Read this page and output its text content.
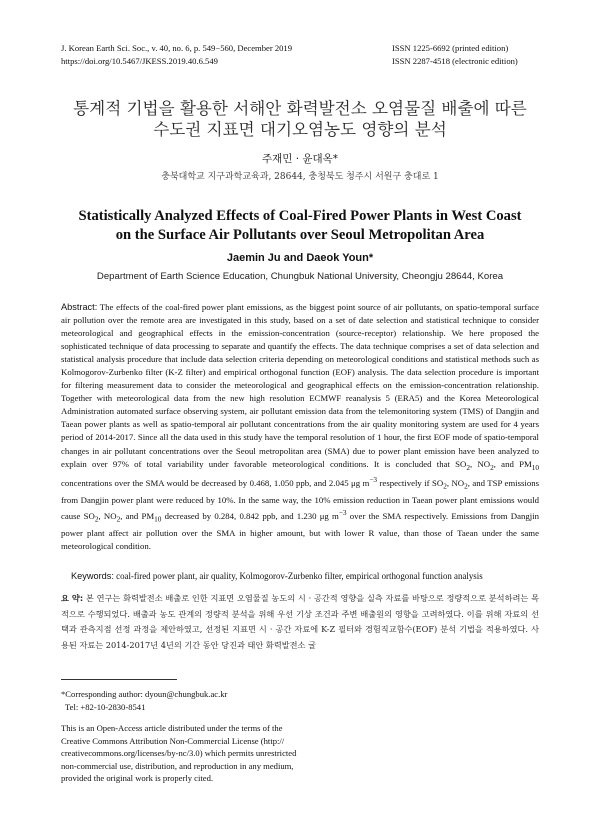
J. Korean Earth Sci. Soc., v. 40, no. 6, p. 549−560, December 2019
https://doi.org/10.5467/JKESS.2019.40.6.549
ISSN 1225-6692 (printed edition)
ISSN 2287-4518 (electronic edition)
통계적 기법을 활용한 서해안 화력발전소 오염물질 배출에 따른
수도권 지표면 대기오염농도 영향의 분석
주재민 · 윤대옥*
충북대학교 지구과학교육과, 28644, 충청북도 청주시 서원구 충대로 1
Statistically Analyzed Effects of Coal-Fired Power Plants in West Coast
on the Surface Air Pollutants over Seoul Metropolitan Area
Jaemin Ju and Daeok Youn*
Department of Earth Science Education, Chungbuk National University, Cheongju 28644, Korea
Abstract: The effects of the coal-fired power plant emissions, as the biggest point source of air pollutants, on spatio-temporal surface air pollution over the remote area are investigated in this study, based on a set of date selection and statistical technique to consider meteorological and geographical effects in the emission-concentration (source-receptor) relationship. We here proposed the sophisticated technique of data processing to separate and quantify the effects. The data technique comprises a set of data selection and statistical analysis procedure that include data selection criteria depending on meteorological conditions and statistical methods such as Kolmogorov-Zurbenko filter (K-Z filter) and empirical orthogonal function (EOF) analysis. The data selection procedure is important for filtering measurement data to consider the meteorological and geographical effects on the emission-concentration relationship. Together with meteorological data from the new high resolution ECMWF reanalysis 5 (ERA5) and the Korea Meteorological Administration automated surface observing system, air pollutant emission data from the telemonitoring system (TMS) of Dangjin and Taean power plants as well as spatio-temporal air pollutant concentrations from the air quality monitoring system are used for 4 years period of 2014-2017. Since all the data used in this study have the temporal resolution of 1 hour, the first EOF mode of spatio-temporal changes in air pollutant concentrations over the Seoul metropolitan area (SMA) due to power plant emission have been analyzed to explain over 97% of total variability under favorable meteorological conditions. It is concluded that $SO_2$, $NO_2$, and $PM_{10}$ concentrations over the SMA would be decreased by 0.468, 1.050 ppb, and 2.045 μg $m^{-3}$ respectively if $SO_2$, $NO_2$, and TSP emissions from Dangjin power plant were reduced by 10%. In the same way, the 10% emission reduction in Taean power plant emissions would cause $SO_2$, $NO_2$, and $PM_{10}$ decreased by 0.284, 0.842 ppb, and 1.230 μg $m^{-3}$ over the SMA respectively. Emissions from Dangjin power plant affect air pollution over the SMA in higher amount, but with lower R value, than those of Taean under the same meteorological condition.
Keywords: coal-fired power plant, air quality, Kolmogorov-Zurbenko filter, empirical orthogonal function analysis
요 약: 본 연구는 화력발전소 배출로 인한 지표면 오염물질 농도의 시 · 공간적 영향을 실측 자료를 바탕으로 정량적으로 분석하려는 목적으로 수행되었다. 배출과 농도 관계의 정량적 분석을 위해 우선 기상 조건과 주변 배출원의 영향을 고려하였다. 이를 위해 자료의 선택과 관측지점 선정 과정을 제안하였고, 선정된 지표면 시 · 공간 자료에 K-Z 필터와 경험직교함수(EOF) 분석 기법을 적용하였다. 사용된 자료는 2014-2017년 4년의 기간 동안 당진과 태안 화력발전소 굴
*Corresponding author: dyoun@chungbuk.ac.kr
Tel: +82-10-2830-8541
This is an Open-Access article distributed under the terms of the
Creative Commons Attribution Non-Commercial License (http://
creativecommons.org/licenses/by-nc/3.0) which permits unrestricted
non-commercial use, distribution, and reproduction in any medium,
provided the original work is properly cited.
